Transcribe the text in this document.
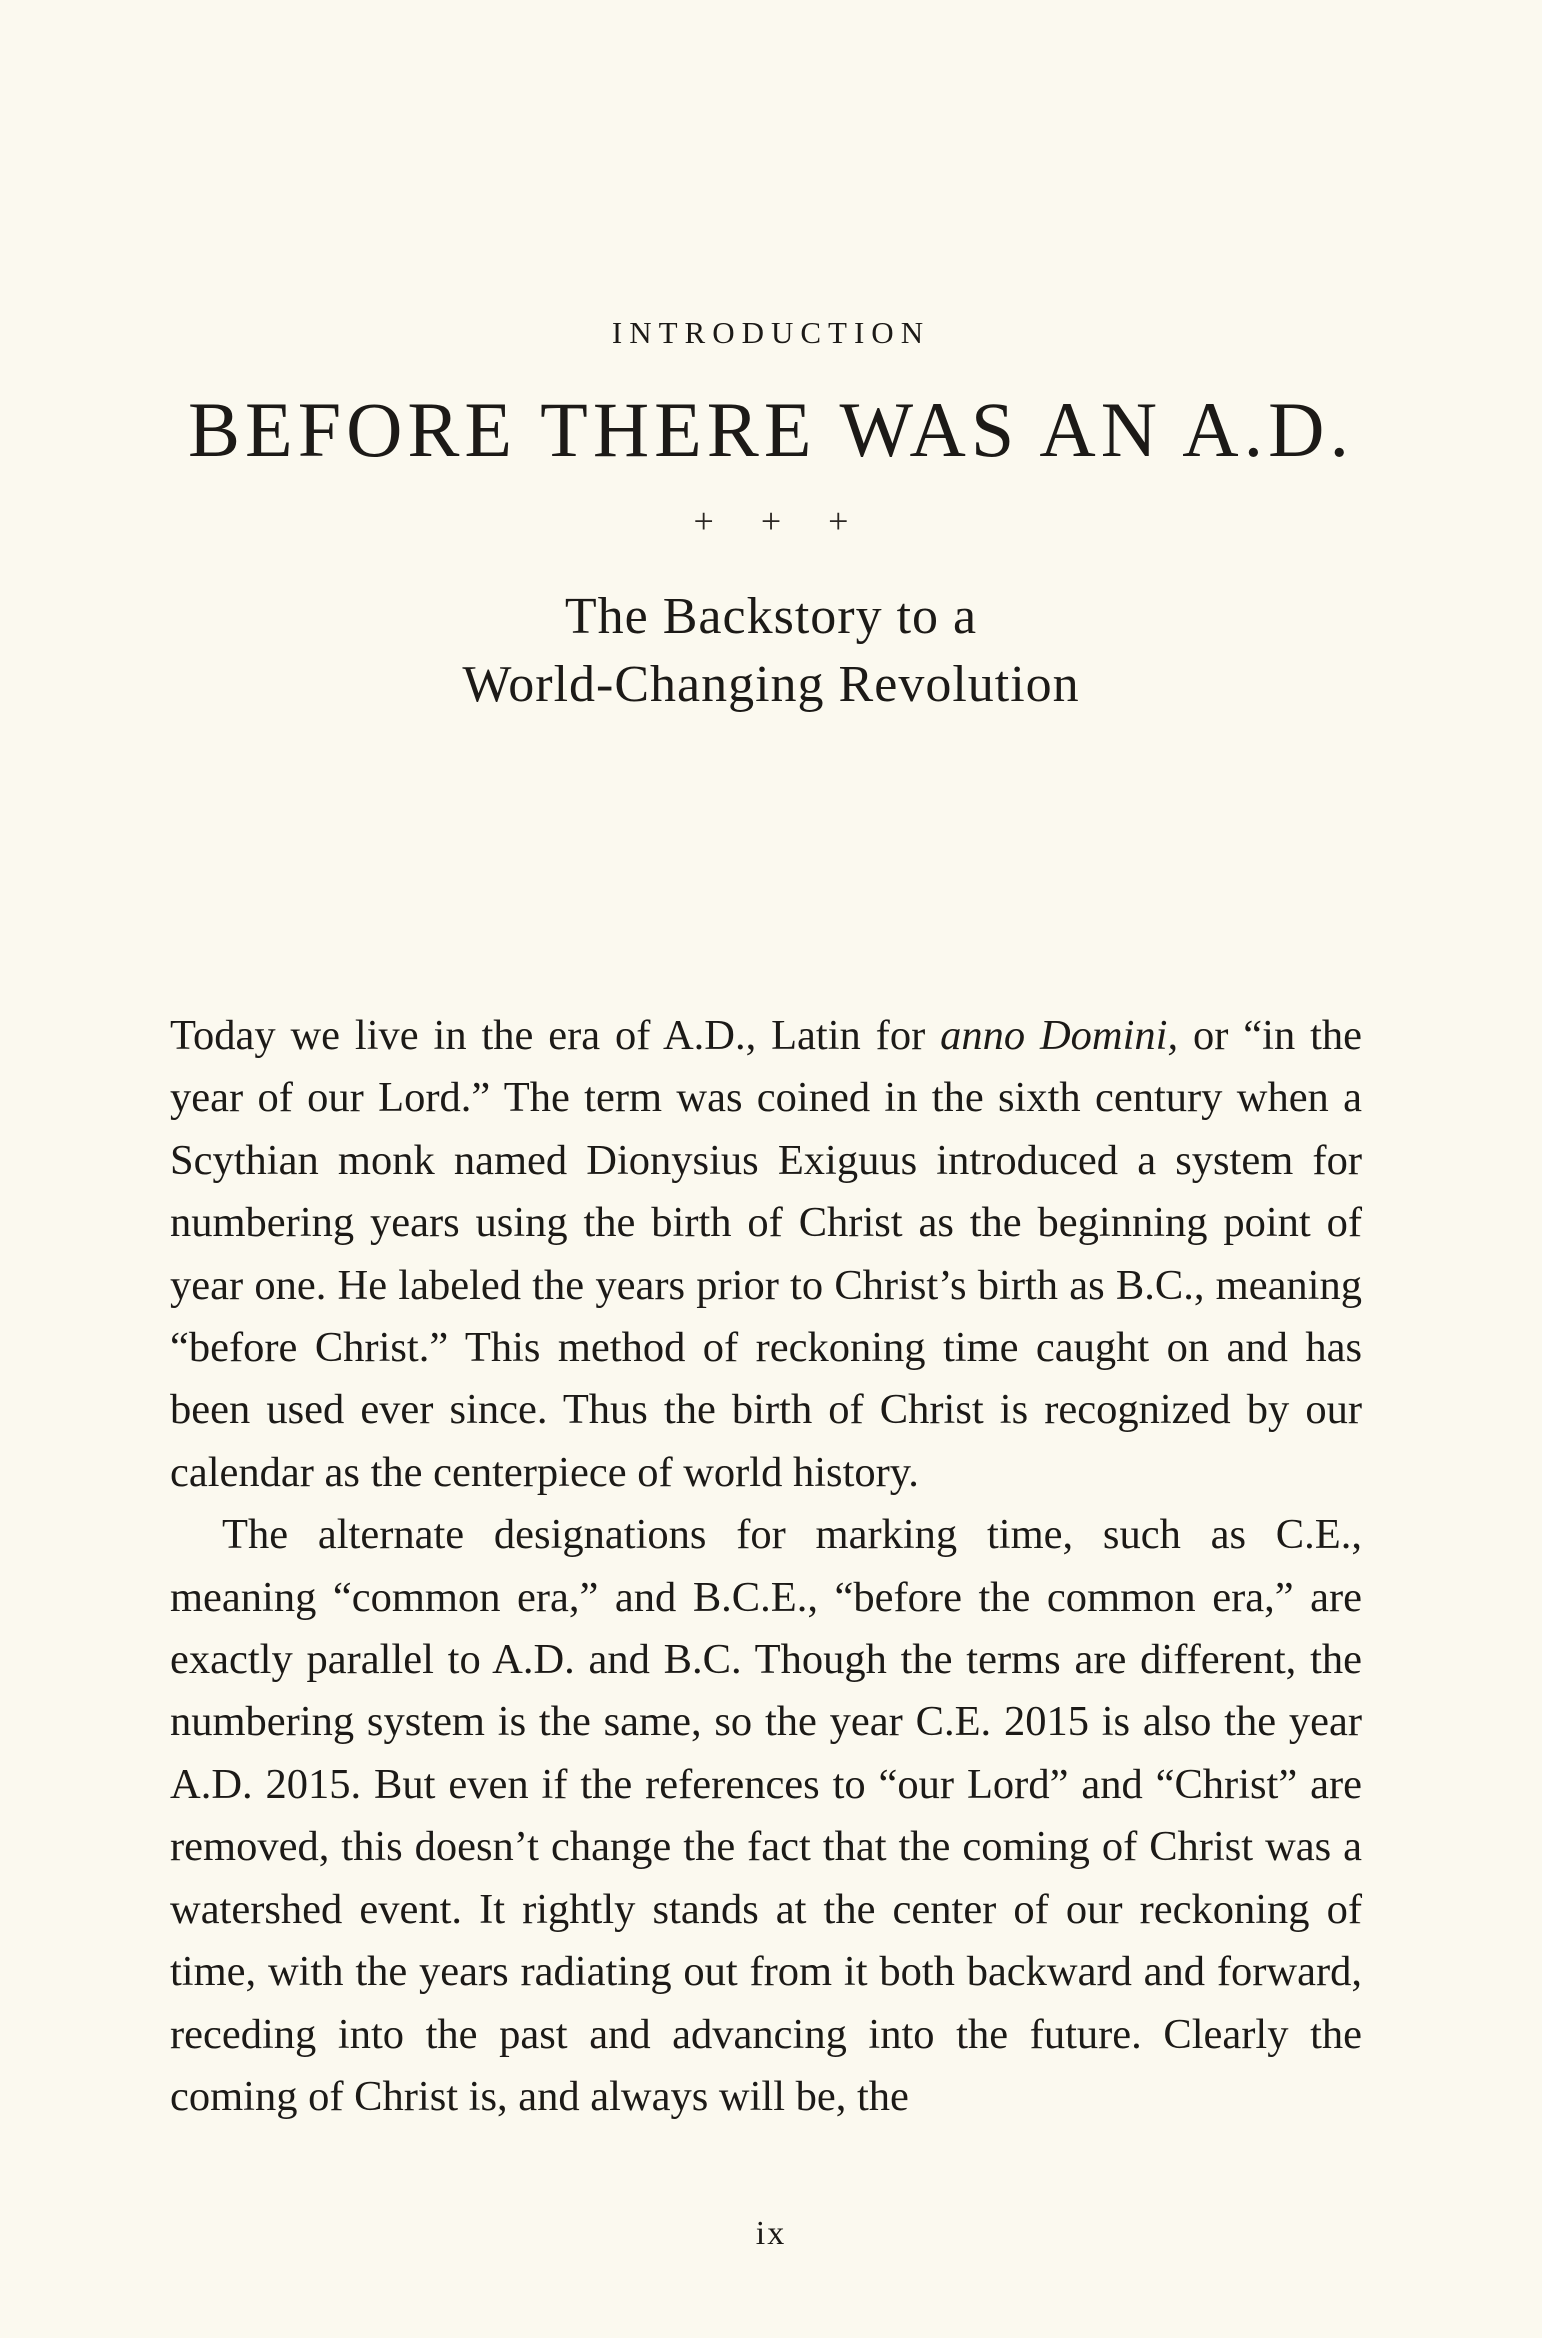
INTRODUCTION
BEFORE THERE WAS AN A.D.
+ + +
The Backstory to a
World-Changing Revolution

Today we live in the era of A.D., Latin for anno Domini, or “in the year of our Lord.” The term was coined in the sixth century when a Scythian monk named Dionysius Exiguus introduced a system for numbering years using the birth of Christ as the beginning point of year one. He labeled the years prior to Christ’s birth as B.C., meaning “before Christ.” This method of reckoning time caught on and has been used ever since. Thus the birth of Christ is recognized by our calendar as the centerpiece of world history.

The alternate designations for marking time, such as C.E., meaning “common era,” and B.C.E., “before the common era,” are exactly parallel to A.D. and B.C. Though the terms are different, the numbering system is the same, so the year C.E. 2015 is also the year A.D. 2015. But even if the references to “our Lord” and “Christ” are removed, this doesn’t change the fact that the coming of Christ was a watershed event. It rightly stands at the center of our reckoning of time, with the years radiating out from it both backward and forward, receding into the past and advancing into the future. Clearly the coming of Christ is, and always will be, the

ix
